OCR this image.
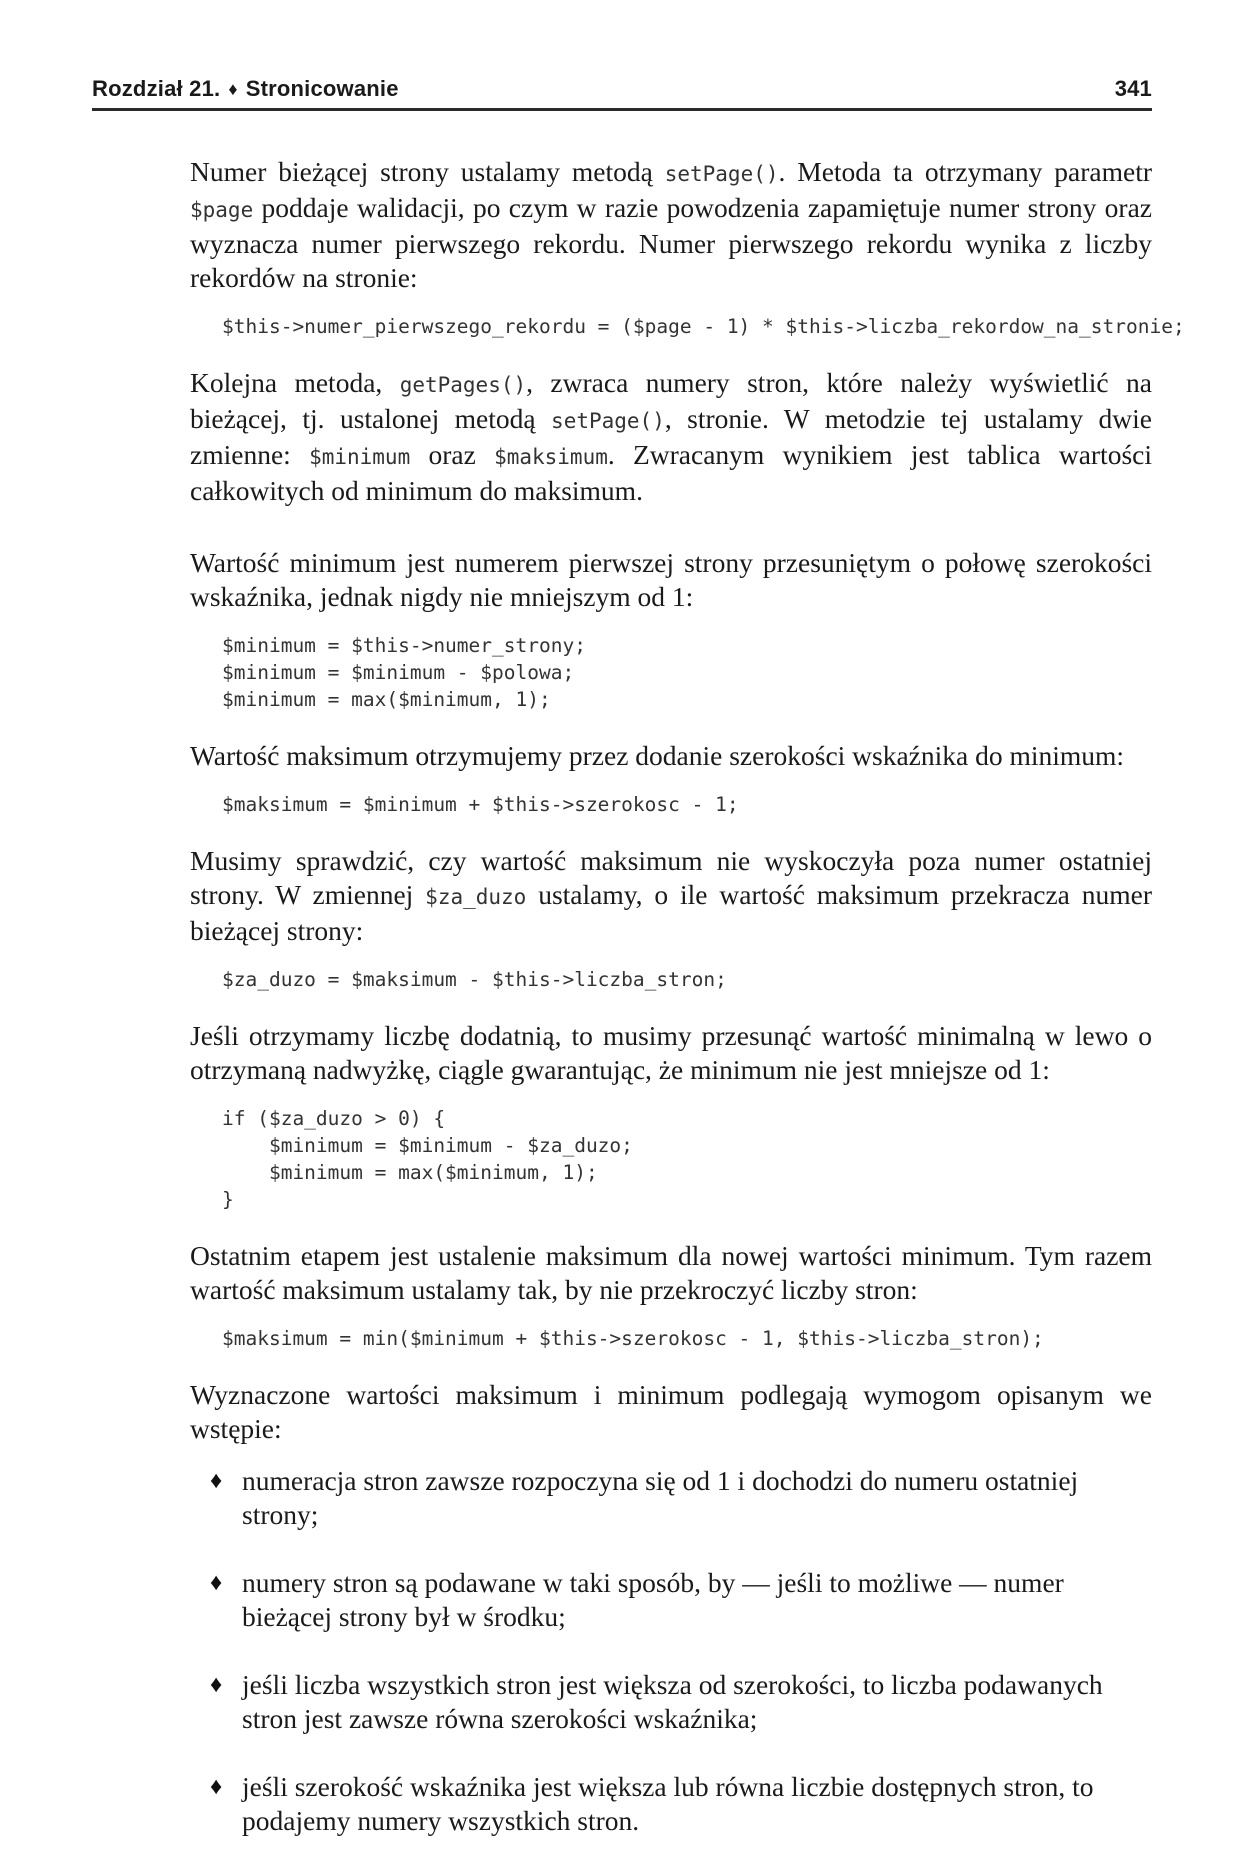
Rozdział 21. ♦ Stronicowanie	341

Numer bieżącej strony ustalamy metodą setPage(). Metoda ta otrzymany parametr $page poddaje walidacji, po czym w razie powodzenia zapamiętuje numer strony oraz wyznacza numer pierwszego rekordu. Numer pierwszego rekordu wynika z liczby rekordów na stronie:

$this->numer_pierwszego_rekordu = ($page - 1) * $this->liczba_rekordow_na_stronie;

Kolejna metoda, getPages(), zwraca numery stron, które należy wyświetlić na bieżącej, tj. ustalonej metodą setPage(), stronie. W metodzie tej ustalamy dwie zmienne: $minimum oraz $maksimum. Zwracanym wynikiem jest tablica wartości całkowitych od minimum do maksimum.

Wartość minimum jest numerem pierwszej strony przesuniętym o połowę szerokości wskaźnika, jednak nigdy nie mniejszym od 1:

$minimum = $this->numer_strony;
$minimum = $minimum - $polowa;
$minimum = max($minimum, 1);

Wartość maksimum otrzymujemy przez dodanie szerokości wskaźnika do minimum:

$maksimum = $minimum + $this->szerokosc - 1;

Musimy sprawdzić, czy wartość maksimum nie wyskoczyła poza numer ostatniej strony. W zmiennej $za_duzo ustalamy, o ile wartość maksimum przekracza numer bieżącej strony:

$za_duzo = $maksimum - $this->liczba_stron;

Jeśli otrzymamy liczbę dodatnią, to musimy przesunąć wartość minimalną w lewo o otrzymaną nadwyżkę, ciągle gwarantując, że minimum nie jest mniejsze od 1:

if ($za_duzo > 0) {
$minimum = $minimum - $za_duzo;
$minimum = max($minimum, 1);
}

Ostatnim etapem jest ustalenie maksimum dla nowej wartości minimum. Tym razem wartość maksimum ustalamy tak, by nie przekroczyć liczby stron:

$maksimum = min($minimum + $this->szerokosc - 1, $this->liczba_stron);

Wyznaczone wartości maksimum i minimum podlegają wymogom opisanym we wstępie:

♦ numeracja stron zawsze rozpoczyna się od 1 i dochodzi do numeru ostatniej strony;
♦ numery stron są podawane w taki sposób, by — jeśli to możliwe — numer bieżącej strony był w środku;
♦ jeśli liczba wszystkich stron jest większa od szerokości, to liczba podawanych stron jest zawsze równa szerokości wskaźnika;
♦ jeśli szerokość wskaźnika jest większa lub równa liczbie dostępnych stron, to podajemy numery wszystkich stron.
